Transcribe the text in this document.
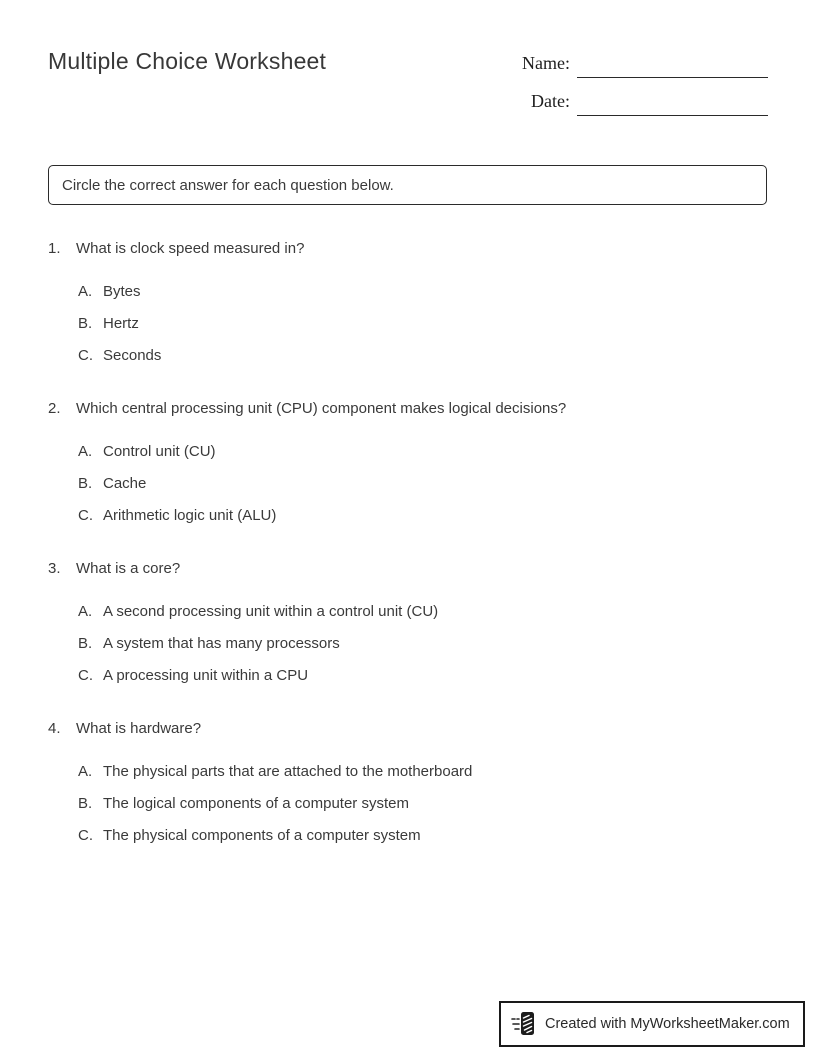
Multiple Choice Worksheet	Name:
Date:
Circle the correct answer for each question below.
1.	What is clock speed measured in?
A. Bytes
B. Hertz
C. Seconds
2.	Which central processing unit (CPU) component makes logical decisions?
A. Control unit (CU)
B. Cache
C. Arithmetic logic unit (ALU)
3.	What is a core?
A. A second processing unit within a control unit (CU)
B. A system that has many processors
C. A processing unit within a CPU
4.	What is hardware?
A. The physical parts that are attached to the motherboard
B. The logical components of a computer system
C. The physical components of a computer system
Created with MyWorksheetMaker.com
